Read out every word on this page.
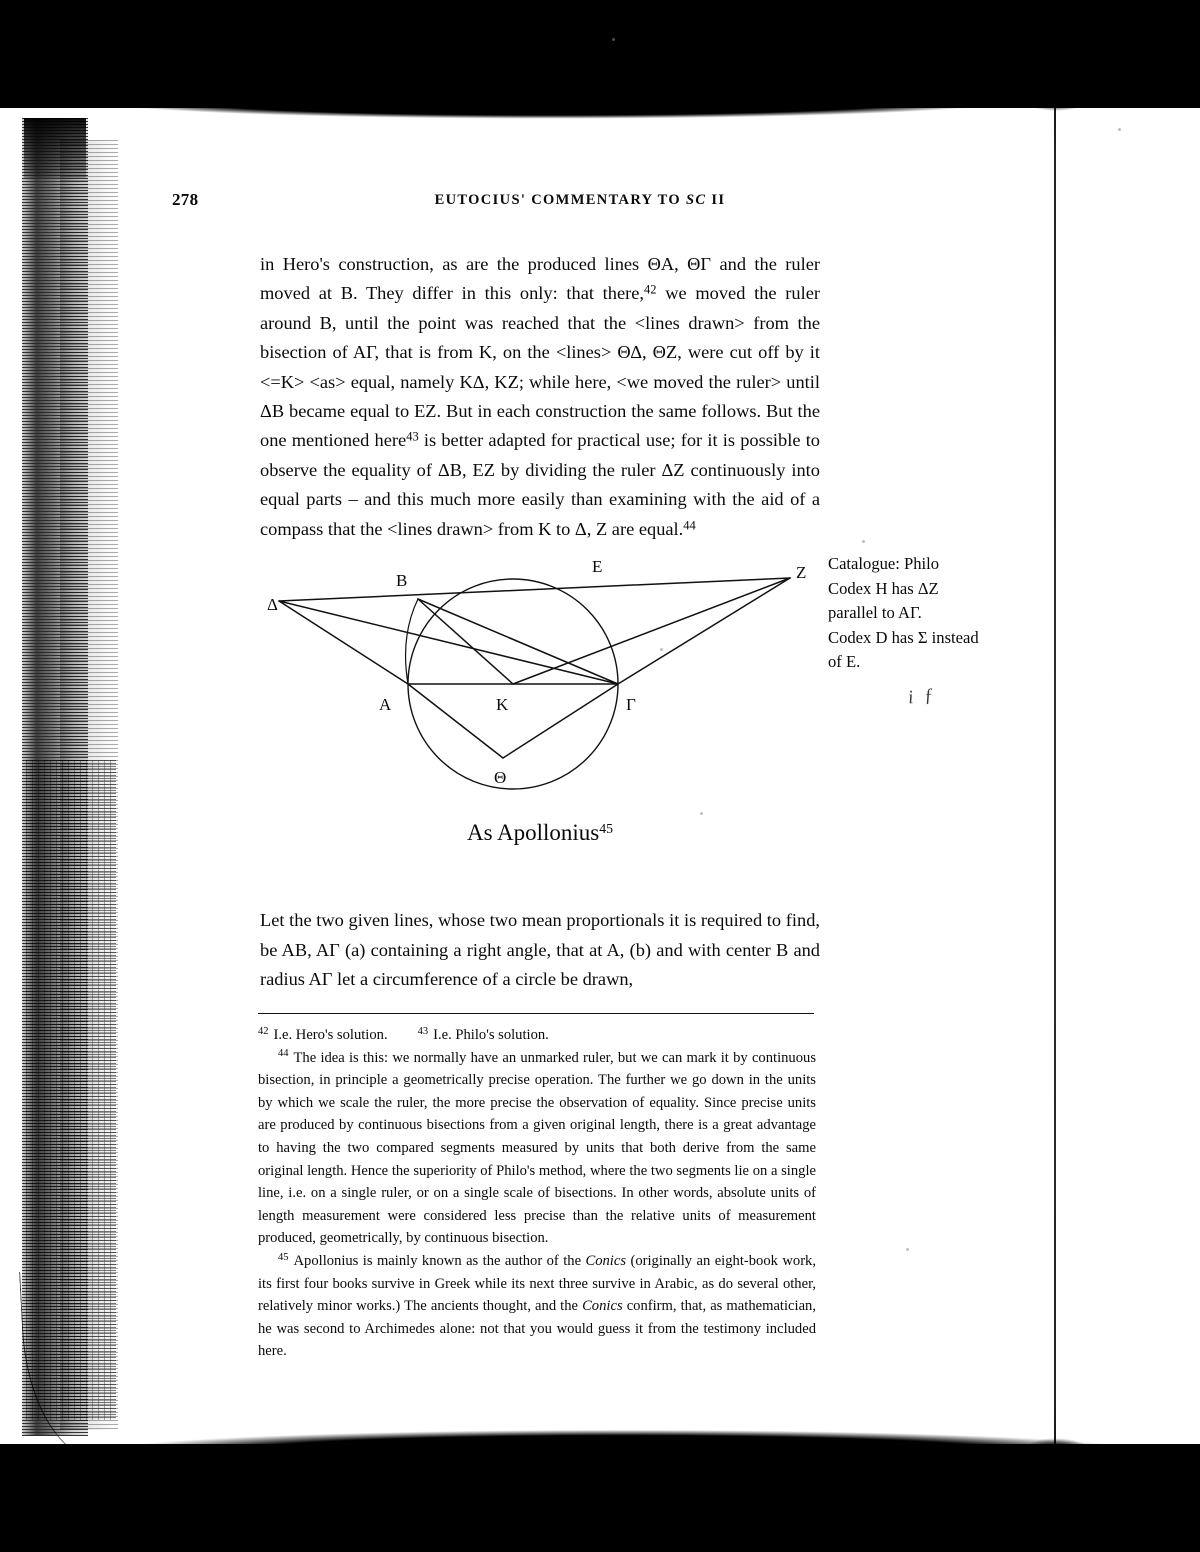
278	EUTOCIUS' COMMENTARY TO SC II

in Hero's construction, as are the produced lines ΘA, ΘΓ and the ruler moved at B. They differ in this only: that there,$^{42}$ we moved the ruler around B, until the point was reached that the <lines drawn> from the bisection of AΓ, that is from K, on the <lines> ΘΔ, ΘZ, were cut off by it <=K> <as> equal, namely KΔ, KZ; while here, <we moved the ruler> until ΔB became equal to EZ. But in each construction the same follows. But the one mentioned here$^{43}$ is better adapted for practical use; for it is possible to observe the equality of ΔB, EZ by dividing the ruler ΔZ continuously into equal parts – and this much more easily than examining with the aid of a compass that the <lines drawn> from K to Δ, Z are equal.$^{44}$

Δ
B
E	Z
A	K	Γ
Θ
Catalogue: Philo
Codex H has ΔZ
parallel to AΓ.
Codex D has Σ instead
of E.
i ƒ
As Apollonius$^{45}$

Let the two given lines, whose two mean proportionals it is required to find, be AB, AΓ (a) containing a right angle, that at A, (b) and with center B and radius AΓ let a circumference of a circle be drawn,

$^{42}$ I.e. Hero's solution.	$^{43}$ I.e. Philo's solution.

$^{44}$ The idea is this: we normally have an unmarked ruler, but we can mark it by continuous bisection, in principle a geometrically precise operation. The further we go down in the units by which we scale the ruler, the more precise the observation of equality. Since precise units are produced by continuous bisections from a given original length, there is a great advantage to having the two compared segments measured by units that both derive from the same original length. Hence the superiority of Philo's method, where the two segments lie on a single line, i.e. on a single ruler, or on a single scale of bisections. In other words, absolute units of length measurement were considered less precise than the relative units of measurement produced, geometrically, by continuous bisection.

$^{45}$ Apollonius is mainly known as the author of the Conics (originally an eight-book work, its first four books survive in Greek while its next three survive in Arabic, as do several other, relatively minor works.) The ancients thought, and the Conics confirm, that, as mathematician, he was second to Archimedes alone: not that you would guess it from the testimony included here.
